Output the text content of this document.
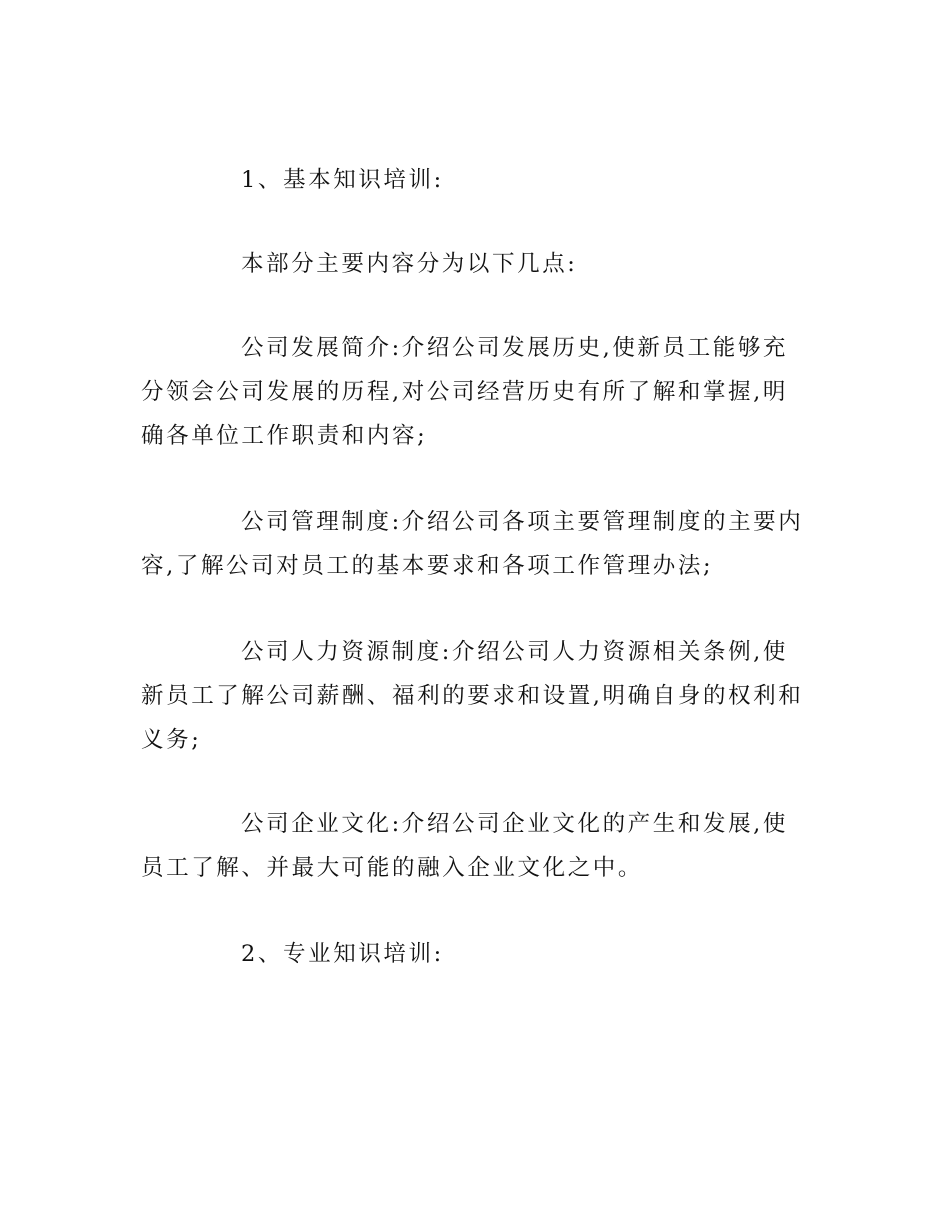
1、基本知识培训:

本部分主要内容分为以下几点:

公司发展简介:介绍公司发展历史,使新员工能够充分领会公司发展的历程,对公司经营历史有所了解和掌握,明确各单位工作职责和内容;

公司管理制度:介绍公司各项主要管理制度的主要内容,了解公司对员工的基本要求和各项工作管理办法;

公司人力资源制度:介绍公司人力资源相关条例,使新员工了解公司薪酬、福利的要求和设置,明确自身的权利和义务;

公司企业文化:介绍公司企业文化的产生和发展,使员工了解、并最大可能的融入企业文化之中。

2、专业知识培训:
